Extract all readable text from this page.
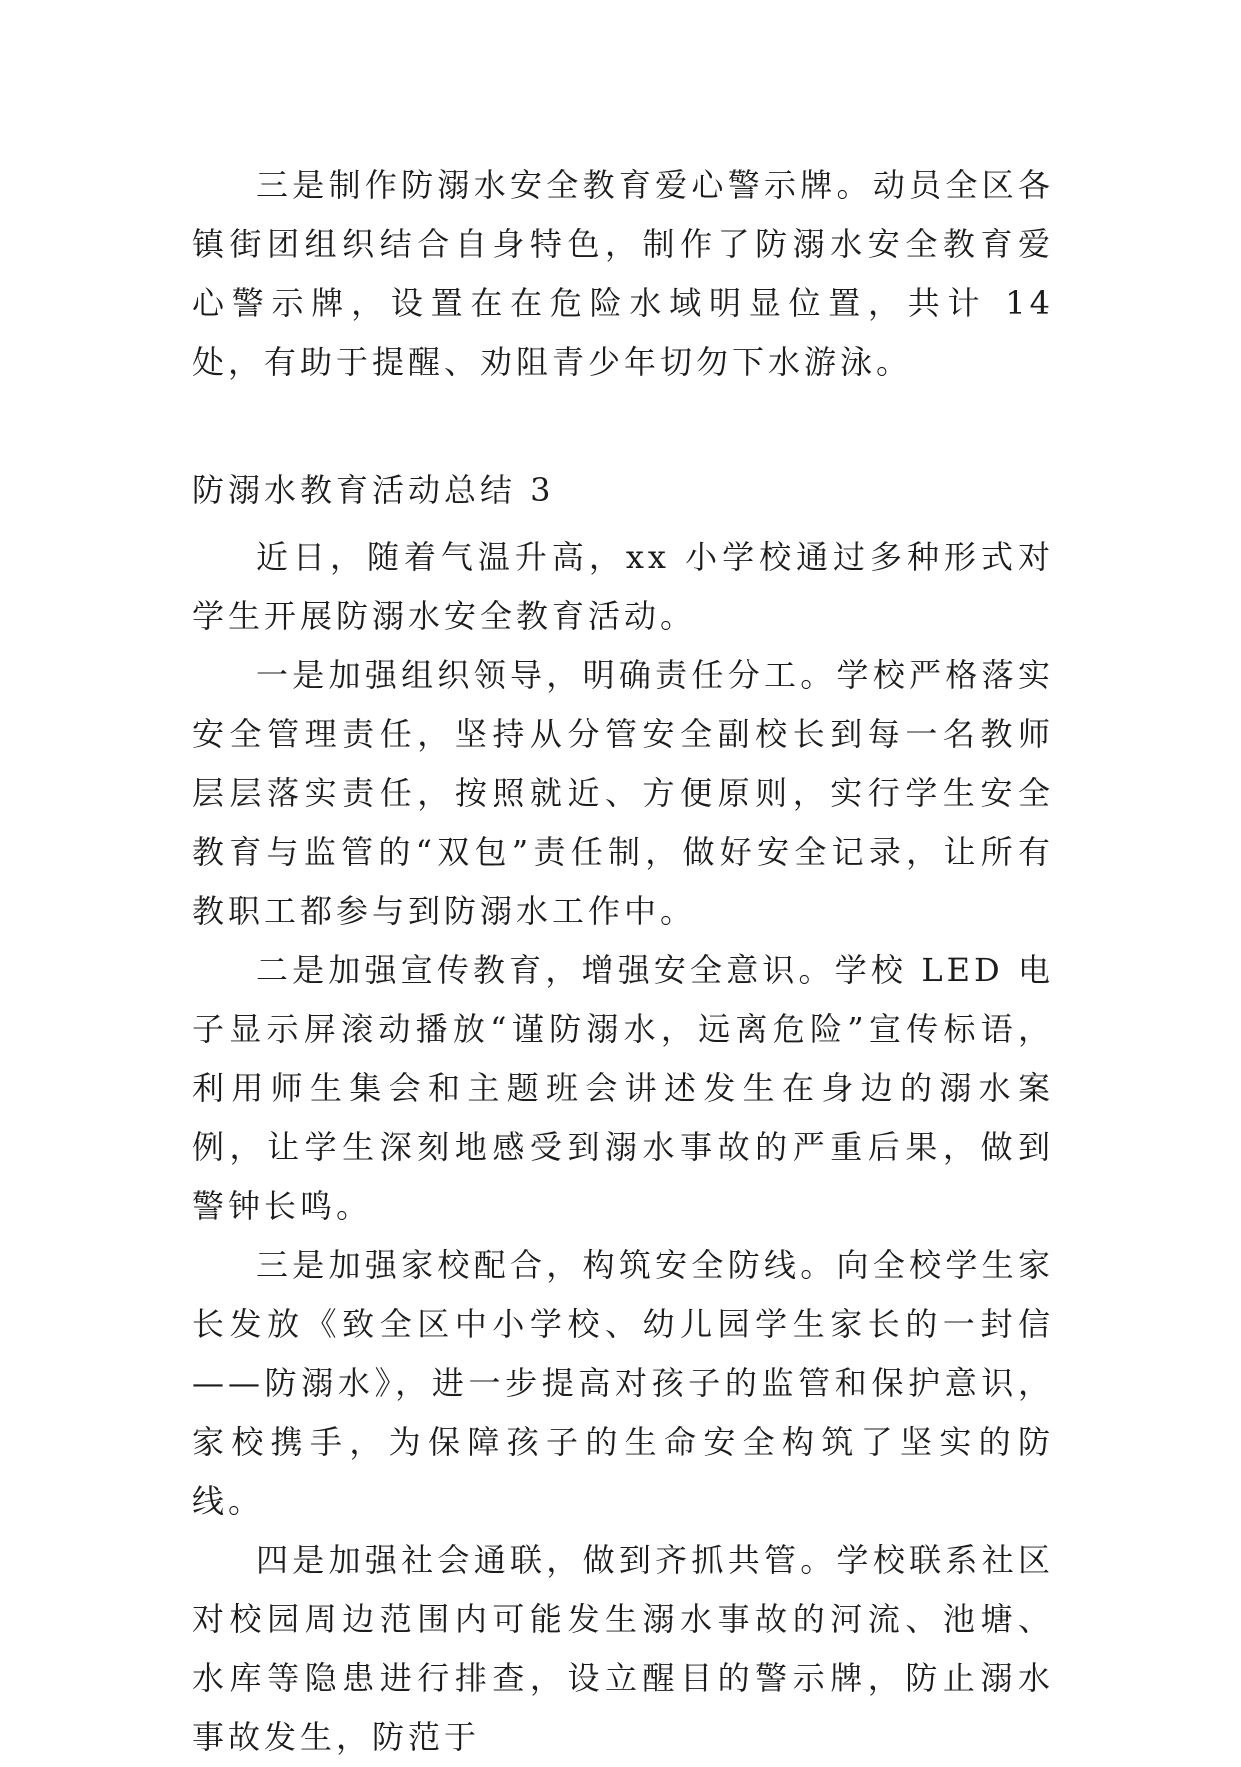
三是制作防溺水安全教育爱心警示牌。动员全区各镇街团组织结合自身特色，制作了防溺水安全教育爱心警示牌，设置在在危险水域明显位置，共计 14 处，有助于提醒、劝阻青少年切勿下水游泳。

防溺水教育活动总结 3

近日，随着气温升高，xx 小学校通过多种形式对学生开展防溺水安全教育活动。

一是加强组织领导，明确责任分工。学校严格落实安全管理责任，坚持从分管安全副校长到每一名教师层层落实责任，按照就近、方便原则，实行学生安全教育与监管的“双包”责任制，做好安全记录，让所有教职工都参与到防溺水工作中。

二是加强宣传教育，增强安全意识。学校 LED 电子显示屏滚动播放“谨防溺水，远离危险”宣传标语，利用师生集会和主题班会讲述发生在身边的溺水案例，让学生深刻地感受到溺水事故的严重后果，做到警钟长鸣。

三是加强家校配合，构筑安全防线。向全校学生家长发放《致全区中小学校、幼儿园学生家长的一封信——防溺水》，进一步提高对孩子的监管和保护意识，家校携手，为保障孩子的生命安全构筑了坚实的防线。

四是加强社会通联，做到齐抓共管。学校联系社区对校园周边范围内可能发生溺水事故的河流、池塘、水库等隐患进行排查，设立醒目的警示牌，防止溺水事故发生，防范于
